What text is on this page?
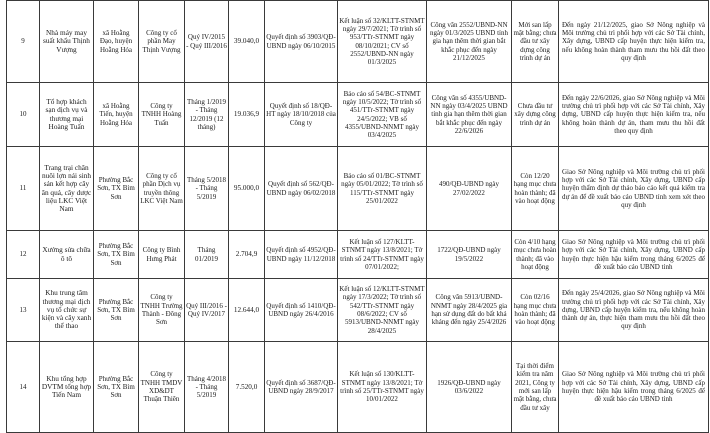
9	Nhà máy may suất khẩu Thịnh Vượng	xã Hoằng Đạo, huyện Hoằng Hóa	Công ty cổ phần May Thịnh Vượng	Quý IV/2015 - Quý III/2016	39.040,0	Quyết định số 3903/QĐ-UBND ngày 06/10/2015	Kết luận số 32/KLTT-STNMT ngày 29/7/2021; Tờ trình số 953/TTr-STNMT ngày 08/10/2021; CV số 2552/UBND-NN ngày 01/3/2025	Công văn 2552/UBND-NN ngày 01/3/2025 UBND tỉnh gia hạn thêm thời gian bắt khắc phục đến ngày 21/12/2025	Mới san lấp mặt bằng; chưa đầu tư xây dựng công trình dự án	Đến ngày 21/12/2025, giao Sở Nông nghiệp và Môi trường chủ trì phối hợp với các Sở Tài chính, Xây dựng, UBND cấp huyện thực hiện kiểm tra, nếu không hoàn thành tham mưu thu hồi đất theo quy định
10	Tổ hợp khách sạn dịch vụ và thương mại Hoàng Tuấn	xã Hoằng Tiến, huyện Hoằng Hóa	Công ty TNHH Hoàng Tuấn	Tháng 1/2019 - Tháng 12/2019 (12 tháng)	19.036,9	Quyết định số 18/QĐ-HT ngày 18/10/2018 của Công ty	Báo cáo số 54/BC-STNMT ngày 10/5/2022; Tờ trình số 451/TTr-STNMT ngày 24/5/2022; VB số 4355/UBND-NNMT ngày 03/4/2025	Công văn số 4355/UBND-NN ngày 03/4/2025 UBND tỉnh gia hạn thêm thời gian bắt khắc phục đến ngày 22/6/2026	Chưa đầu tư xây dựng công trình dự án	Đến ngày 22/6/2026, giao Sở Nông nghiệp và Môi trường chủ trì phối hợp với các Sở Tài chính, Xây dựng, UBND cấp huyện thực hiện kiểm tra, nếu không hoàn thành dự án, tham mưu thu hồi đất theo quy định
11	Trang trại chăn nuôi lợn nái sinh sản kết hợp cây ăn quả, cây dược liệu LKC Việt Nam	Phường Bắc Sơn, TX Bỉm Sơn	Công ty cổ phần Dịch vụ truyền thông LKC Việt Nam	Tháng 5/2018 - Tháng 5/2019	95.000,0	Quyết định số 562/QĐ-UBND ngày 06/02/2018	Báo cáo số 01/BC-STNMT ngày 05/01/2022; Tờ trình số 115/TTr-STNMT ngày 25/01/2022	490/QĐ-UBND ngày 27/02/2022	Còn 12/20 hạng mục chưa hoàn thành; đã vào hoạt động	Giao Sở Nông nghiệp và Môi trường chủ trì phối hợp với các Sở Tài chính, Xây dựng, UBND cấp huyện thẩm định dự thảo báo cáo kết quả kiểm tra dự án để đề xuất báo cáo UBND tỉnh xem xét theo quy định
12	Xưởng sửa chữa ô tô	Phường Bắc Sơn, TX Bỉm Sơn	Công ty Bình Hưng Phát	Tháng 01/2019	2.704,9	Quyết định số 4952/QĐ-UBND ngày 11/12/2018	Kết luận số 127/KLTT-STNMT ngày 13/8/2021; Tờ trình số 24/TTr-STNMT ngày 07/01/2022;	1722/QĐ-UBND ngày 19/5/2022	Còn 4/10 hạng mục chưa hoàn thành; đã vào hoạt động	Giao Sở Nông nghiệp và Môi trường chủ trì phối hợp với các Sở Tài chính, Xây dựng, UBND cấp huyện thực hiện hậu kiểm trong tháng 6/2025 để đề xuất báo cáo UBND tỉnh
13	Khu trung tâm thương mại dịch vụ tổ chức sự kiện và cây xanh thể thao	Phường Bắc Sơn, TX Bỉm Sơn	Công ty TNHH Trường Thành - Đông Sơn	Quý III/2016 - Quý IV/2017	12.644,0	Quyết định số 1410/QĐ-UBND ngày 26/4/2016	Kết luận số 12/KLTT-STNMT ngày 17/3/2022; Tờ trình số 542/TTr-STNMT ngày 08/6/2022; CV số 5913/UBND-NNMT ngày 28/4/2025	Công văn 5913/UBND-NNMT ngày 28/4/2025 gia hạn sử dụng đất do bất khả kháng đến ngày 25/4/2026	Còn 02/16 hạng mục chưa hoàn thành; đã vào hoạt động	Đến ngày 25/4/2026, giao Sở Nông nghiệp và Môi trường chủ trì phối hợp với các Sở Tài chính, Xây dựng, UBND cấp huyện kiểm tra, nếu không hoàn thành dự án, thực hiện tham mưu thu hồi đất theo quy định
14	Khu tổng hợp DVTM tổng hợp Tiến Nam	Phường Bắc Sơn, TX Bỉm Sơn	Công ty TNHH TMDV XD&DT Thuận Thiên	Tháng 4/2018 - Tháng 5/2019	7.520,0	Quyết định số 3687/QĐ-UBND ngày 28/9/2017	Kết luận số 130/KLTT-STNMT ngày 13/8/2021; Tờ trình số 25/TTr-STNMT ngày 10/01/2022	1926/QĐ-UBND ngày 03/6/2022	Tại thời điểm kiểm tra năm 2021, Công ty mới san lấp mặt bằng, chưa đầu tư xây	Giao Sở Nông nghiệp và Môi trường chủ trì phối hợp với các Sở Tài chính, Xây dựng, UBND cấp huyện thực hiện hậu kiểm trong tháng 6/2025 để đề xuất báo cáo UBND tỉnh
